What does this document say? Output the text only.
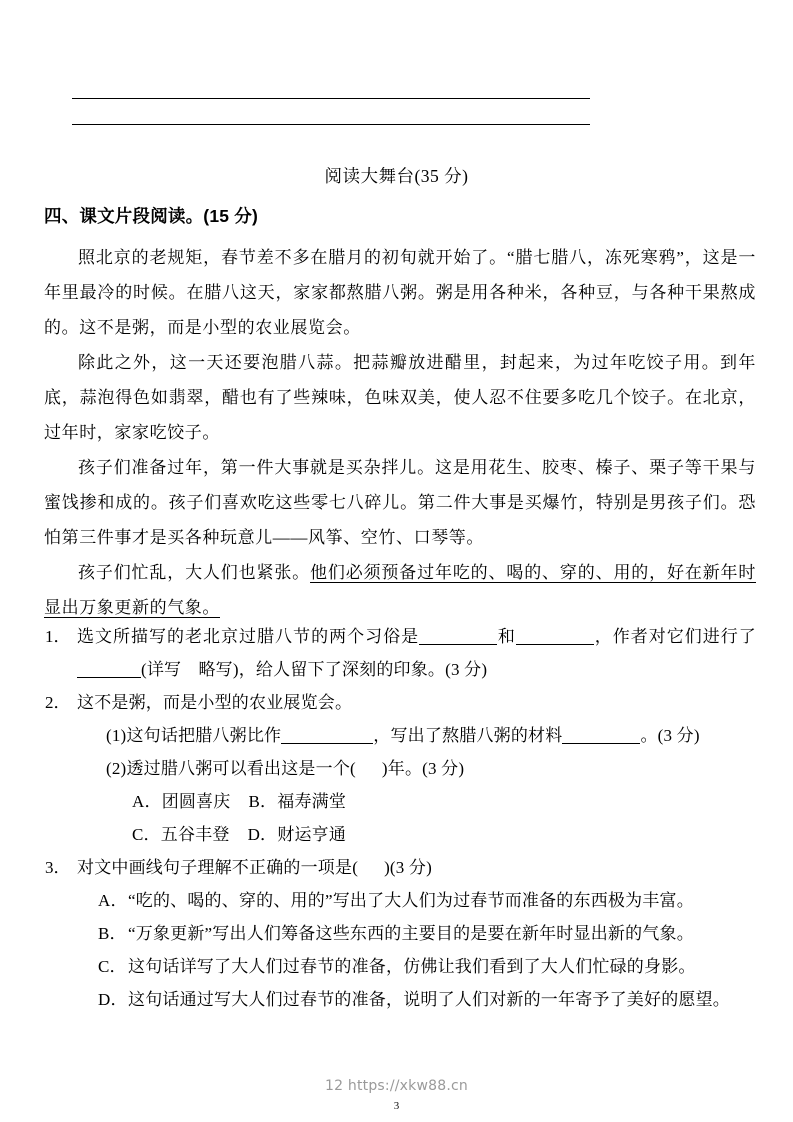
阅读大舞台(35 分)
四、课文片段阅读。(15 分)

照北京的老规矩，春节差不多在腊月的初旬就开始了。“腊七腊八，冻死寒鸦”，这是一年里最冷的时候。在腊八这天，家家都熬腊八粥。粥是用各种米，各种豆，与各种干果熬成的。这不是粥，而是小型的农业展览会。

除此之外，这一天还要泡腊八蒜。把蒜瓣放进醋里，封起来，为过年吃饺子用。到年底，蒜泡得色如翡翠，醋也有了些辣味，色味双美，使人忍不住要多吃几个饺子。在北京，过年时，家家吃饺子。

孩子们准备过年，第一件大事就是买杂拌儿。这是用花生、胶枣、榛子、栗子等干果与蜜饯掺和成的。孩子们喜欢吃这些零七八碎儿。第二件大事是买爆竹，特别是男孩子们。恐怕第三件事才是买各种玩意儿——风筝、空竹、口琴等。

孩子们忙乱，大人们也紧张。他们必须预备过年吃的、喝的、穿的、用的，好在新年时显出万象更新的气象。

1． 选文所描写的老北京过腊八节的两个习俗是	和	，作者对它们进行了(详写　略写)，给人留下了深刻的印象。(3 分)
2． 这不是粥，而是小型的农业展览会。
(1)这句话把腊八粥比作	，写出了熬腊八粥的材料	。(3 分)
(2)透过腊八粥可以看出这是一个( )年。(3 分)
A．团圆喜庆 B．福寿满堂
C．五谷丰登 D．财运亨通
3． 对文中画线句子理解不正确的一项是( )(3 分)
A． “吃的、喝的、穿的、用的”写出了大人们为过春节而准备的东西极为丰富。
B． “万象更新”写出人们筹备这些东西的主要目的是要在新年时显出新的气象。
C． 这句话详写了大人们过春节的准备，仿佛让我们看到了大人们忙碌的身影。
D． 这句话通过写大人们过春节的准备，说明了人们对新的一年寄予了美好的愿望。
12 https://xkw88.cn
3
